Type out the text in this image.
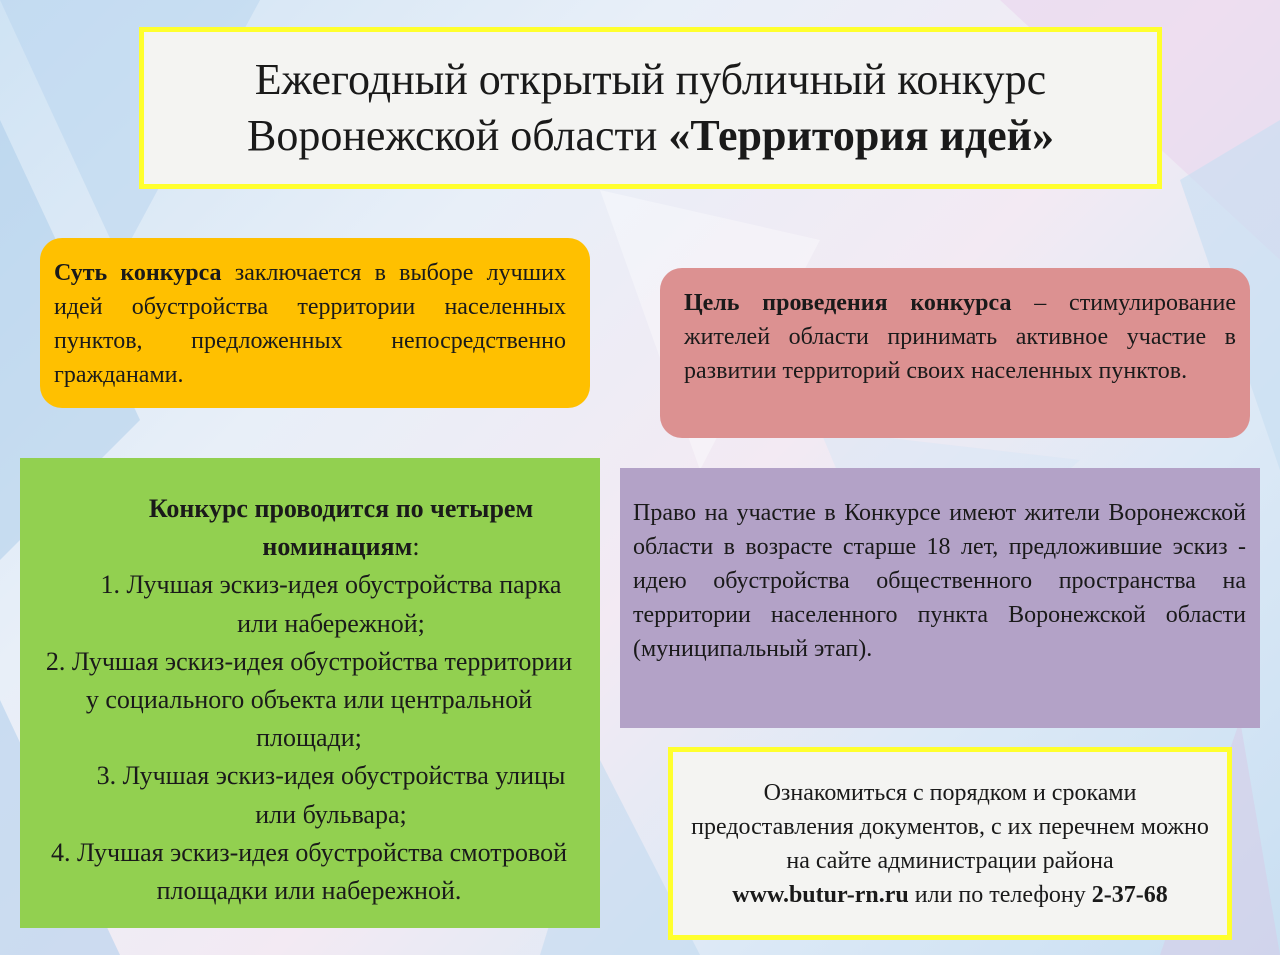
Ежегодный открытый публичный конкурс
Воронежской области «Территория идей»
Суть конкурса заключается в выборе лучших идей обустройства территории населенных пунктов, предложенных непосредственно гражданами.
Цель проведения конкурса – стимулирование жителей области принимать активное участие в развитии территорий своих населенных пунктов.

Конкурс проводится по четырем номинациям:

1. Лучшая эскиз-идея обустройства парка или набережной;

2. Лучшая эскиз-идея обустройства территории у социального объекта или центральной площади;

3. Лучшая эскиз-идея обустройства улицы или бульвара;

4. Лучшая эскиз-идея обустройства смотровой площадки или набережной.

Право на участие в Конкурсе имеют жители Воронежской области в возрасте старше 18 лет, предложившие эскиз - идею обустройства общественного пространства на территории населенного пункта Воронежской области (муниципальный этап).
Ознакомиться с порядком и сроками предоставления документов, с их перечнем можно на сайте администрации района
www.butur-rn.ru или по телефону 2-37-68
